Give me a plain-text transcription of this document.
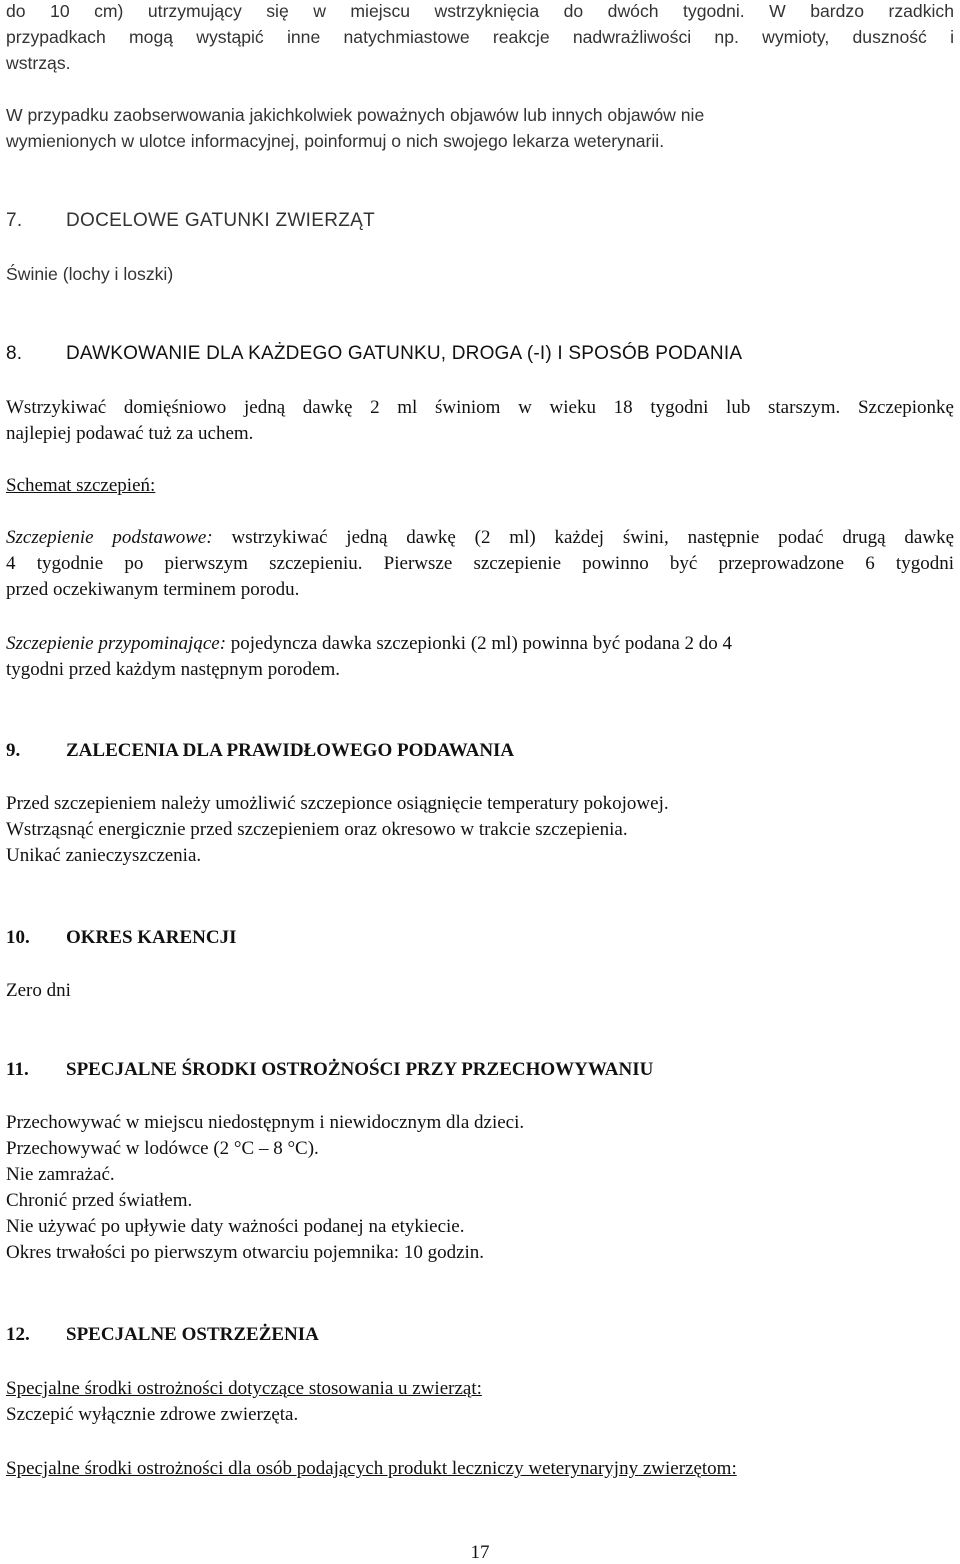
do 10 cm) utrzymujący się w miejscu wstrzyknięcia do dwóch tygodni. W bardzo rzadkich
przypadkach mogą wystąpić inne natychmiastowe reakcje nadwrażliwości np. wymioty, duszność i
wstrząs.
W przypadku zaobserwowania jakichkolwiek poważnych objawów lub innych objawów nie
wymienionych w ulotce informacyjnej, poinformuj o nich swojego lekarza weterynarii.
7.	DOCELOWE GATUNKI ZWIERZĄT
Świnie (lochy i loszki)
8.	DAWKOWANIE DLA KAŻDEGO GATUNKU, DROGA (-I) I SPOSÓB PODANIA
Wstrzykiwać domięśniowo jedną dawkę 2 ml świniom w wieku 18 tygodni lub starszym. Szczepionkę
najlepiej podawać tuż za uchem.
Schemat szczepień:
Szczepienie podstawowe: wstrzykiwać jedną dawkę (2 ml) każdej świni, następnie podać drugą dawkę
4 tygodnie po pierwszym szczepieniu. Pierwsze szczepienie powinno być przeprowadzone 6 tygodni
przed oczekiwanym terminem porodu.
Szczepienie przypominające: pojedyncza dawka szczepionki (2 ml) powinna być podana 2 do 4
tygodni przed każdym następnym porodem.
9.	ZALECENIA DLA PRAWIDŁOWEGO PODAWANIA
Przed szczepieniem należy umożliwić szczepionce osiągnięcie temperatury pokojowej.
Wstrząsnąć energicznie przed szczepieniem oraz okresowo w trakcie szczepienia.
Unikać zanieczyszczenia.
10.	OKRES KARENCJI
Zero dni
11.	SPECJALNE ŚRODKI OSTROŻNOŚCI PRZY PRZECHOWYWANIU
Przechowywać w miejscu niedostępnym i niewidocznym dla dzieci.
Przechowywać w lodówce (2 °C – 8 °C).
Nie zamrażać.
Chronić przed światłem.
Nie używać po upływie daty ważności podanej na etykiecie.
Okres trwałości po pierwszym otwarciu pojemnika: 10 godzin.
12.	SPECJALNE OSTRZEŻENIA
Specjalne środki ostrożności dotyczące stosowania u zwierząt:
Szczepić wyłącznie zdrowe zwierzęta.
Specjalne środki ostrożności dla osób podających produkt leczniczy weterynaryjny zwierzętom:
17
